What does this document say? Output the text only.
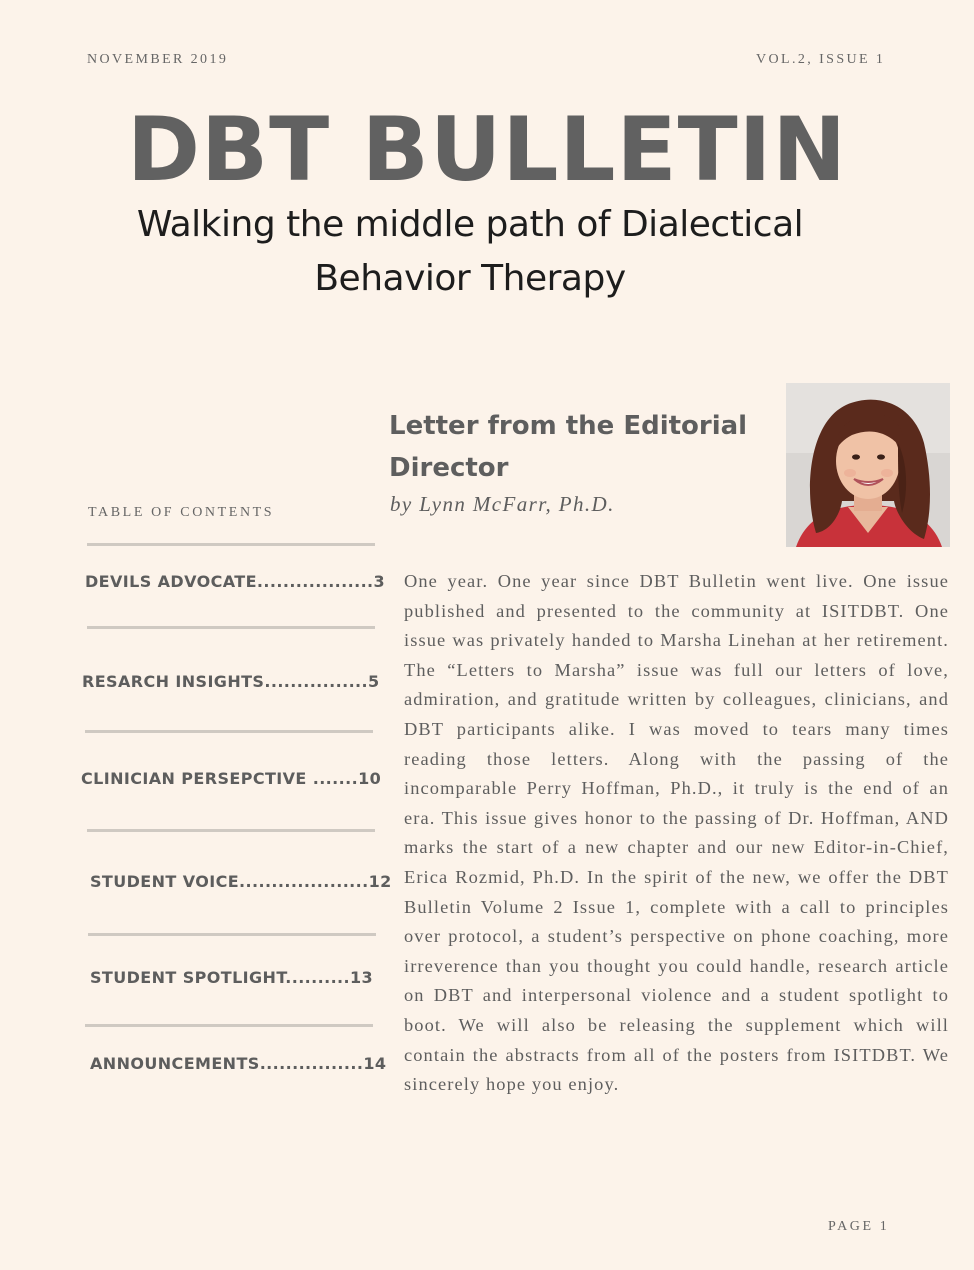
NOVEMBER 2019	VOL.2, ISSUE 1
DBT BULLETIN
Walking the middle path of Dialectical
Behavior Therapy
TABLE OF CONTENTS
DEVILS ADVOCATE..................3
RESARCH INSIGHTS................5
CLINICIAN PERSEPCTIVE .......10
STUDENT VOICE....................12
STUDENT SPOTLIGHT..........13
ANNOUNCEMENTS................14
Letter from the Editorial Director
by Lynn McFarr, Ph.D.
One year. One year since DBT Bulletin went live. One issue published and presented to the community at ISITDBT. One issue was privately handed to Marsha Linehan at her retirement. The “Letters to Marsha” issue was full our letters of love, admiration, and gratitude written by colleagues, clinicians, and DBT participants alike. I was moved to tears many times reading those letters. Along with the passing of the incomparable Perry Hoffman, Ph.D., it truly is the end of an era. This issue gives honor to the passing of Dr. Hoffman, AND marks the start of a new chapter and our new Editor-in-Chief, Erica Rozmid, Ph.D. In the spirit of the new, we offer the DBT Bulletin Volume 2 Issue 1, complete with a call to principles over protocol, a student’s perspective on phone coaching, more irreverence than you thought you could handle, research article on DBT and interpersonal violence and a student spotlight to boot. We will also be releasing the supplement which will contain the abstracts from all of the posters from ISITDBT. We sincerely hope you enjoy.
PAGE 1
